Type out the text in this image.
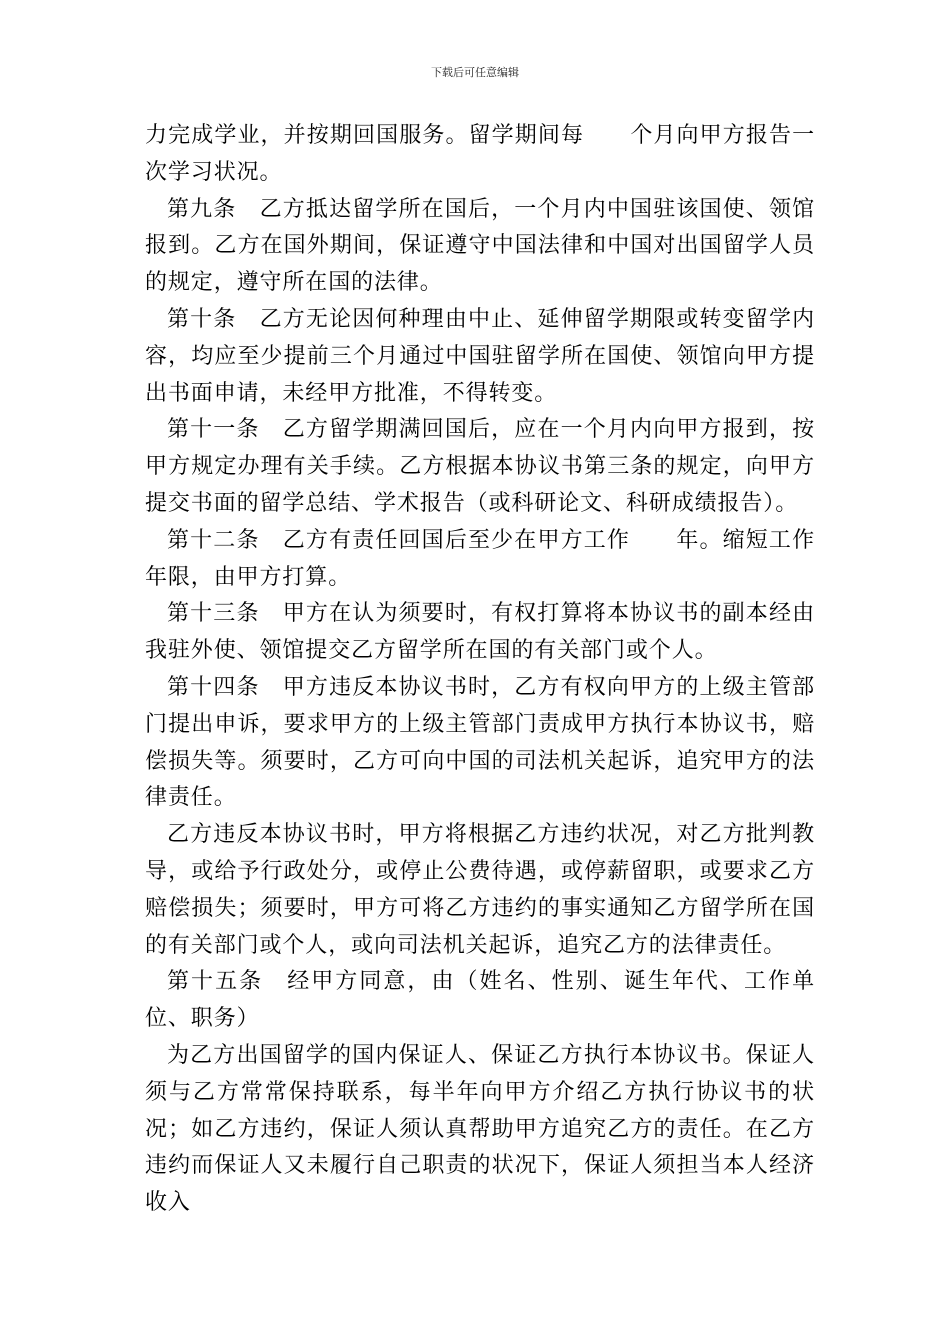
下载后可任意编辑

力完成学业，并按期回国服务。留学期间每 个月向甲方报告一次学习状况。

第九条　乙方抵达留学所在国后，一个月内中国驻该国使、领馆报到。乙方在国外期间，保证遵守中国法律和中国对出国留学人员的规定，遵守所在国的法律。

第十条　乙方无论因何种理由中止、延伸留学期限或转变留学内容，均应至少提前三个月通过中国驻留学所在国使、领馆向甲方提出书面申请，未经甲方批准，不得转变。

第十一条　乙方留学期满回国后，应在一个月内向甲方报到，按甲方规定办理有关手续。乙方根据本协议书第三条的规定，向甲方提交书面的留学总结、学术报告（或科研论文、科研成绩报告）。

第十二条　乙方有责任回国后至少在甲方工作 年。缩短工作年限，由甲方打算。

第十三条　甲方在认为须要时，有权打算将本协议书的副本经由我驻外使、领馆提交乙方留学所在国的有关部门或个人。

第十四条　甲方违反本协议书时，乙方有权向甲方的上级主管部门提出申诉，要求甲方的上级主管部门责成甲方执行本协议书，赔偿损失等。须要时，乙方可向中国的司法机关起诉，追究甲方的法律责任。

乙方违反本协议书时，甲方将根据乙方违约状况，对乙方批判教导，或给予行政处分，或停止公费待遇，或停薪留职，或要求乙方赔偿损失；须要时，甲方可将乙方违约的事实通知乙方留学所在国的有关部门或个人，或向司法机关起诉，追究乙方的法律责任。

第十五条　经甲方同意，由（姓名、性别、诞生年代、工作单位、职务）

为乙方出国留学的国内保证人、保证乙方执行本协议书。保证人须与乙方常常保持联系，每半年向甲方介绍乙方执行协议书的状况；如乙方违约，保证人须认真帮助甲方追究乙方的责任。在乙方违约而保证人又未履行自己职责的状况下，保证人须担当本人经济收入
